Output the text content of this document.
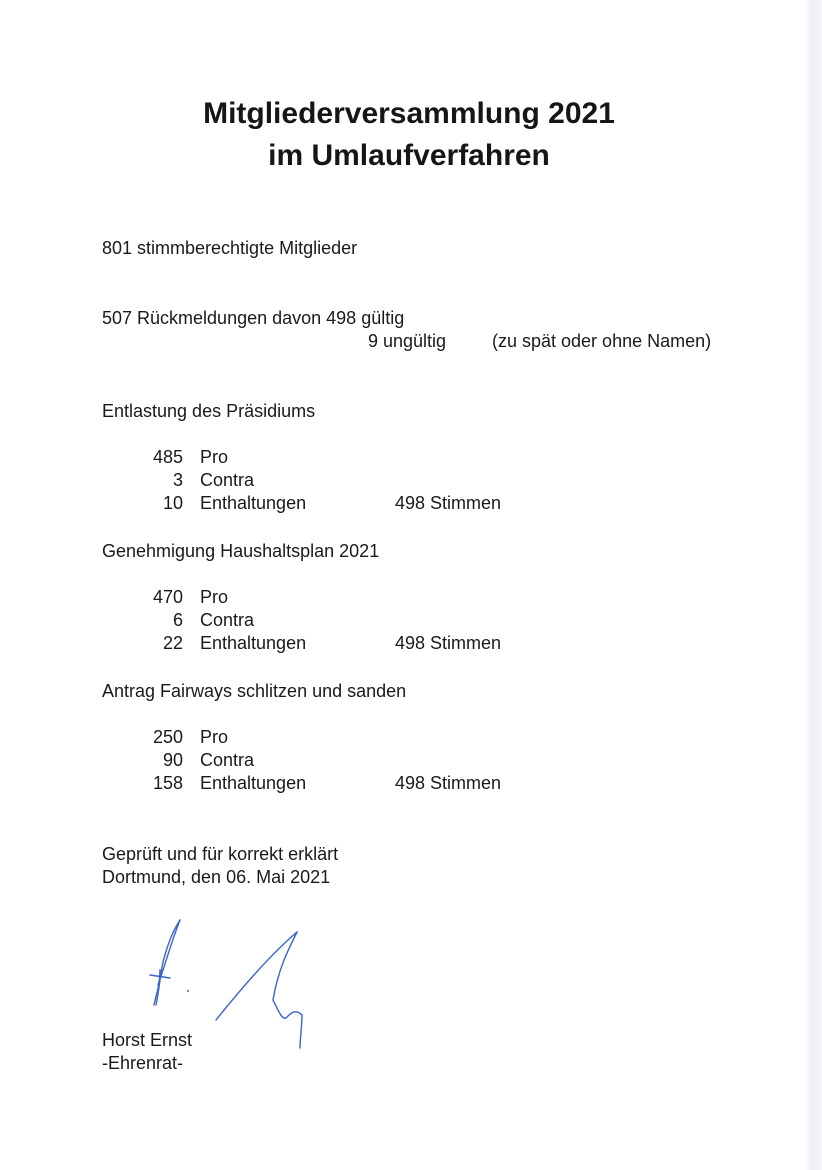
Mitgliederversammlung 2021
im Umlaufverfahren
801 stimmberechtigte Mitglieder
507 Rückmeldungen davon 498 gültig
9 ungültig	(zu spät oder ohne Namen)
Entlastung des Präsidiums
485 Pro
3 Contra
10 Enthaltungen	498 Stimmen
Genehmigung Haushaltsplan 2021
470 Pro
6 Contra
22 Enthaltungen	498 Stimmen
Antrag Fairways schlitzen und sanden
250 Pro
90 Contra
158 Enthaltungen	498 Stimmen
Geprüft und für korrekt erklärt
Dortmund, den 06. Mai 2021
Horst Ernst
-Ehrenrat-
